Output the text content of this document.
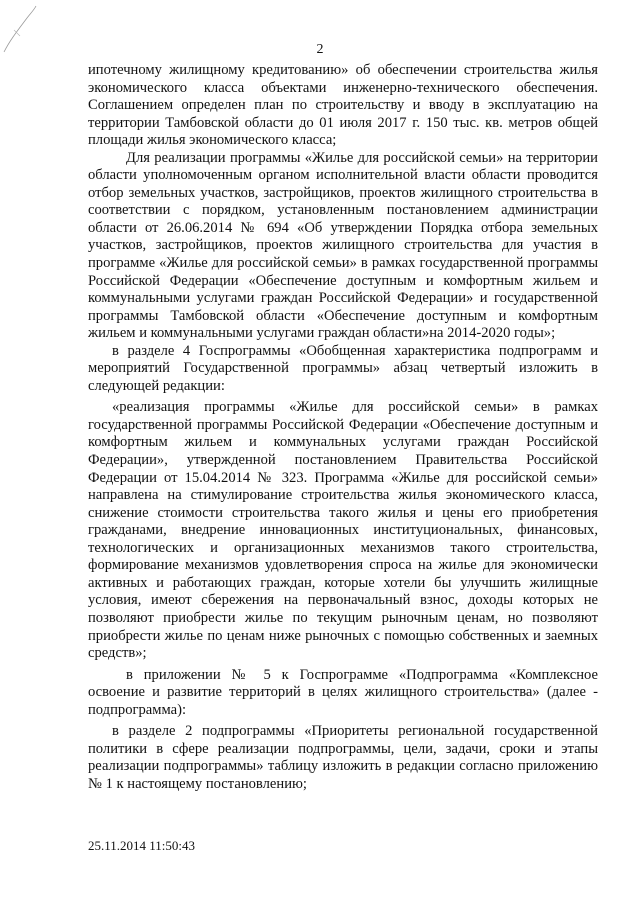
2

ипотечному жилищному кредитованию» об обеспечении строительства жилья экономического класса объектами инженерно-технического обеспечения. Соглашением определен план по строительству и вводу в эксплуатацию на территории Тамбовской области до 01 июля 2017 г. 150 тыс. кв. метров общей площади жилья экономического класса;

Для реализации программы «Жилье для российской семьи» на территории области уполномоченным органом исполнительной власти области проводится отбор земельных участков, застройщиков, проектов жилищного строительства в соответствии с порядком, установленным постановлением администрации области от 26.06.2014 № 694 «Об утверждении Порядка отбора земельных участков, застройщиков, проектов жилищного строительства для участия в программе «Жилье для российской семьи» в рамках государственной программы Российской Федерации «Обеспечение доступным и комфортным жильем и коммунальными услугами граждан Российской Федерации» и государственной программы Тамбовской области «Обеспечение доступным и комфортным жильем и коммунальными услугами граждан области»на 2014-2020 годы»;

в разделе 4 Госпрограммы «Обобщенная характеристика подпрограмм и мероприятий Государственной программы» абзац четвертый изложить в следующей редакции:

«реализация программы «Жилье для российской семьи» в рамках государственной программы Российской Федерации «Обеспечение доступным и комфортным жильем и коммунальных услугами граждан Российской Федерации», утвержденной постановлением Правительства Российской Федерации от 15.04.2014 № 323. Программа «Жилье для российской семьи» направлена на стимулирование строительства жилья экономического класса, снижение стоимости строительства такого жилья и цены его приобретения гражданами, внедрение инновационных институциональных, финансовых, технологических и организационных механизмов такого строительства, формирование механизмов удовлетворения спроса на жилье для экономически активных и работающих граждан, которые хотели бы улучшить жилищные условия, имеют сбережения на первоначальный взнос, доходы которых не позволяют приобрести жилье по текущим рыночным ценам, но позволяют приобрести жилье по ценам ниже рыночных с помощью собственных и заемных средств»;

в приложении № 5 к Госпрограмме «Подпрограмма «Комплексное освоение и развитие территорий в целях жилищного строительства» (далее - подпрограмма):

в разделе 2 подпрограммы «Приоритеты региональной государственной политики в сфере реализации подпрограммы, цели, задачи, сроки и этапы реализации подпрограммы» таблицу изложить в редакции согласно приложению № 1 к настоящему постановлению;

25.11.2014 11:50:43
